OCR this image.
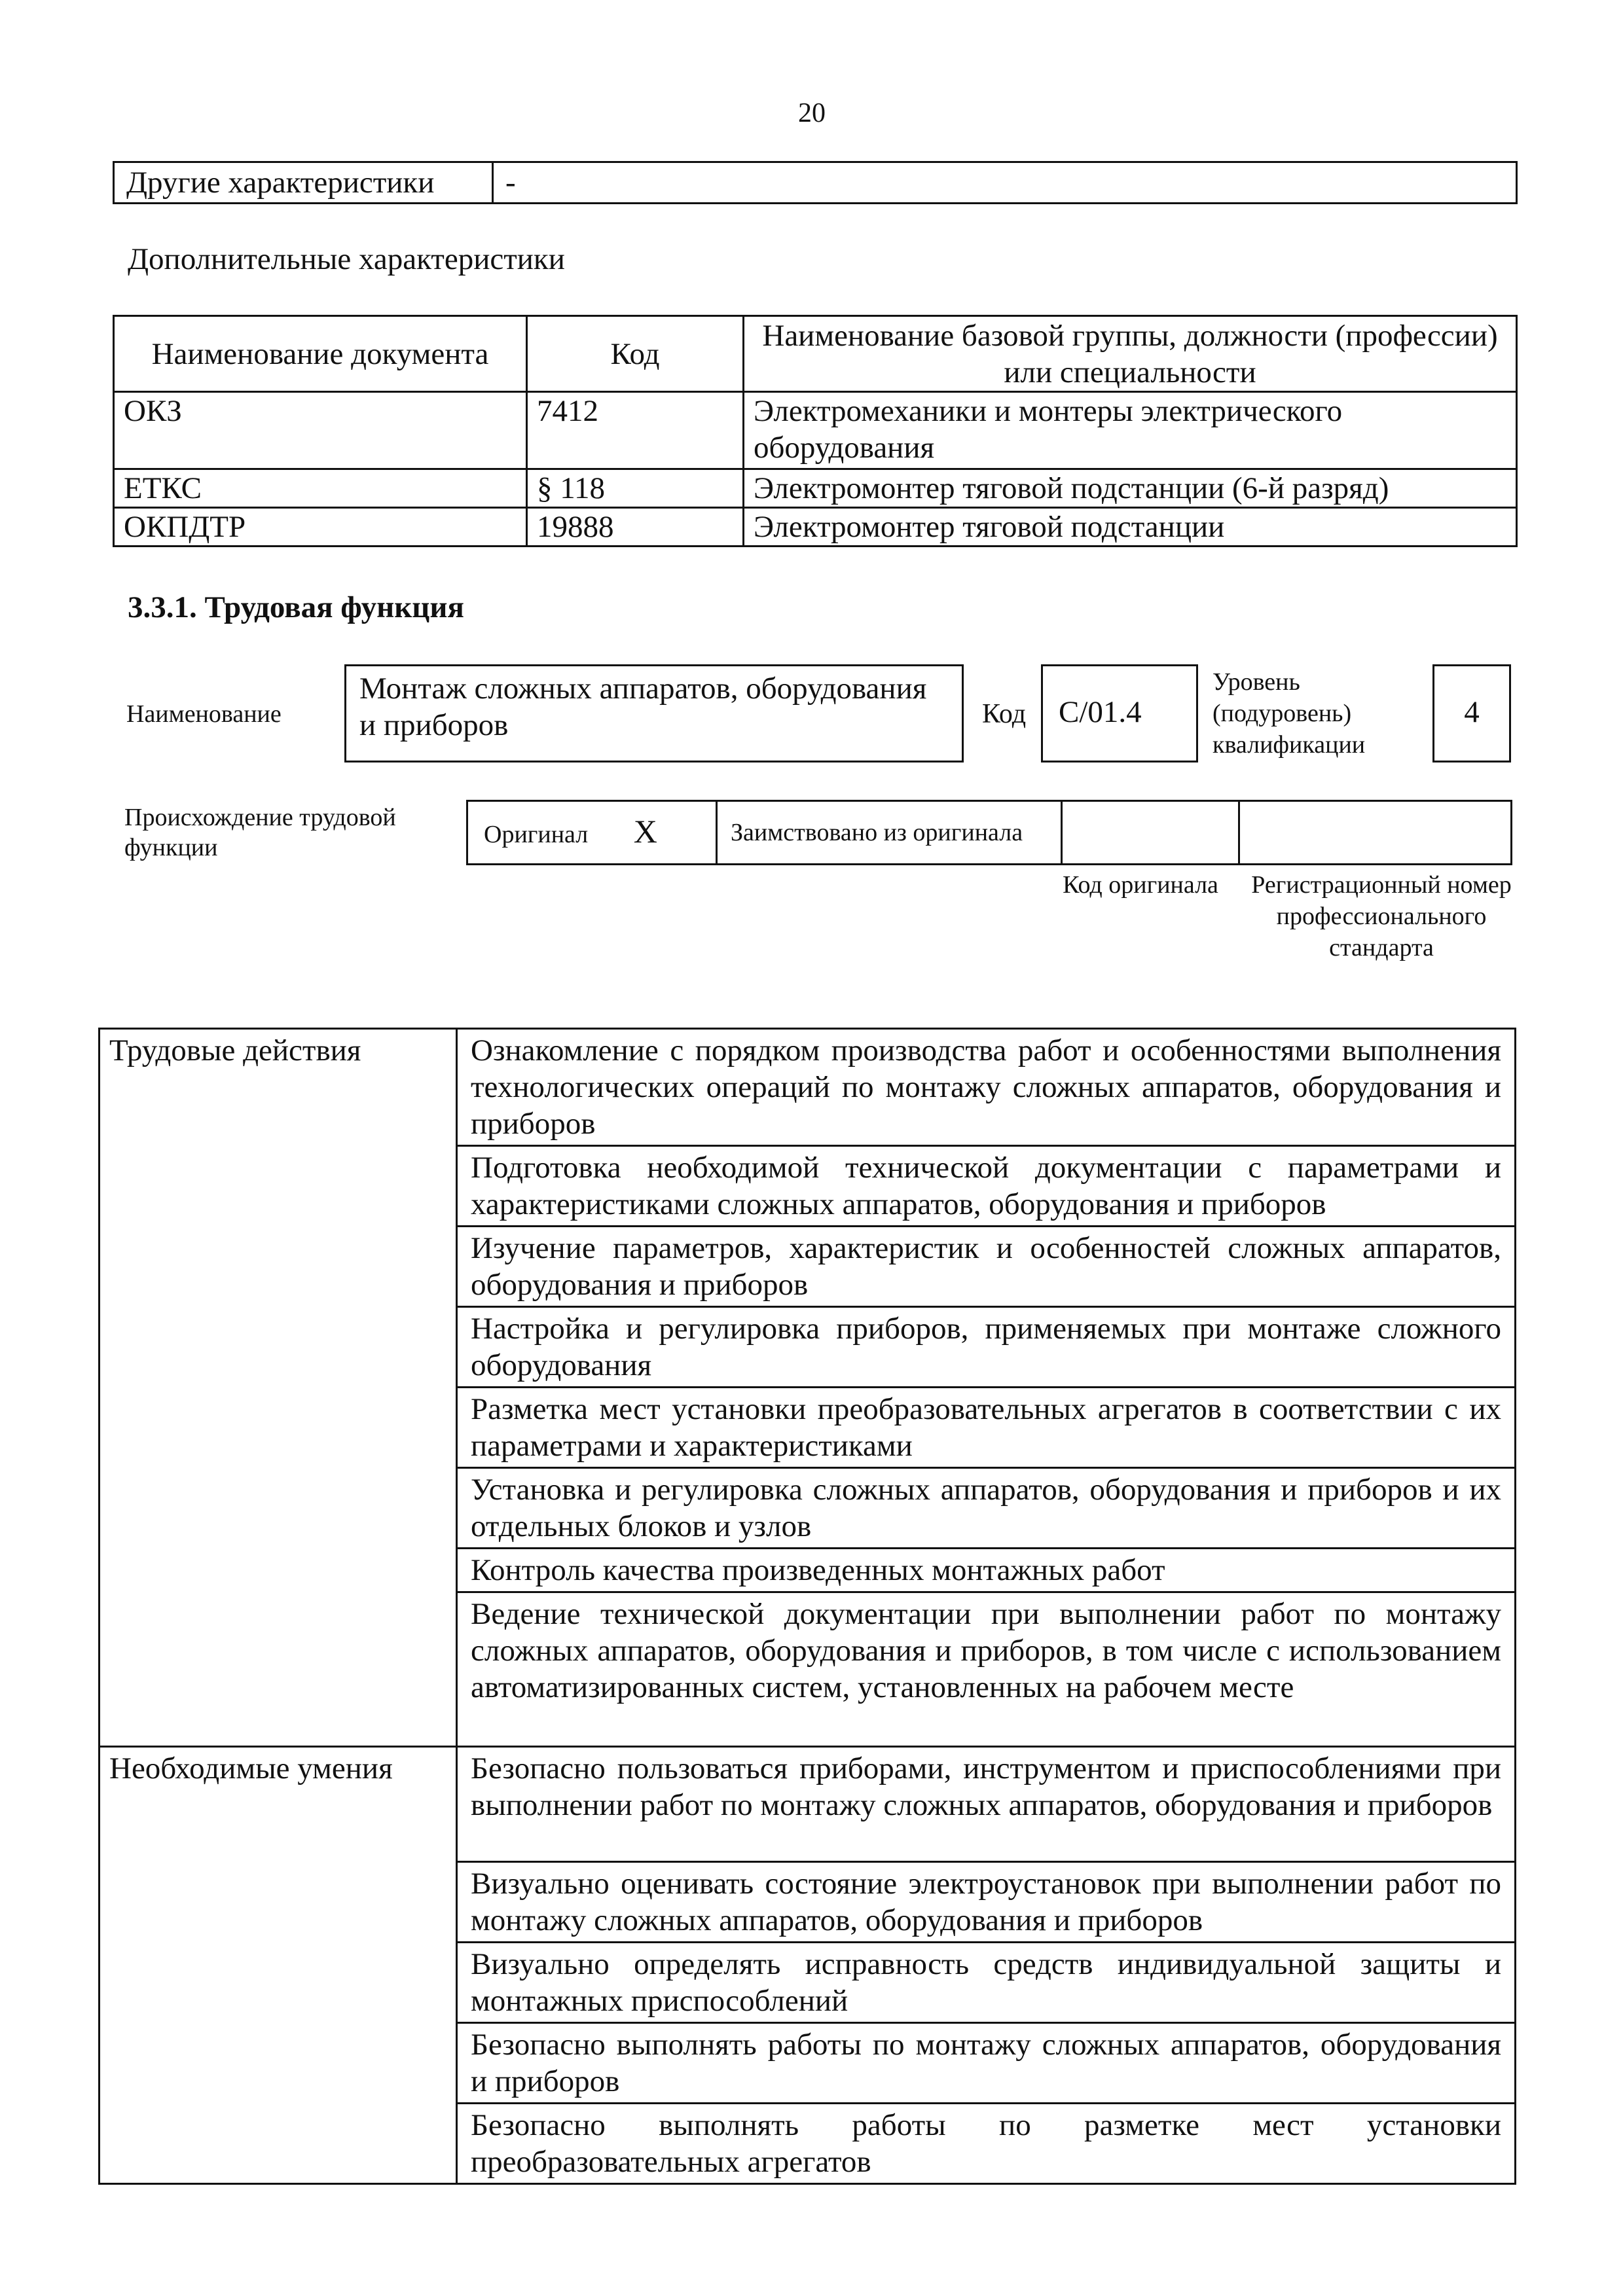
20
Другие характеристики	-
Дополнительные характеристики
Наименование документа	Код	Наименование базовой группы, должности (профессии) или специальности
ОКЗ	7412	Электромеханики и монтеры электрического оборудования
ЕТКС	§ 118	Электромонтер тяговой подстанции (6-й разряд)
ОКПДТР	19888	Электромонтер тяговой подстанции
3.3.1. Трудовая функция
Наименование
Монтаж сложных аппаратов, оборудования и приборов	Код	C/01.4
Уровень (подуровень) квалификации
4
Происхождение трудовой функции	Оригинал X	Заимствовано из оригинала		
Код оригинала Регистрационный номер профессионального стандарта
Трудовые действия	Ознакомление с порядком производства работ и особенностями выполнения технологических операций по монтажу сложных аппаратов, оборудования и приборов
	Подготовка необходимой технической документации с параметрами и характеристиками сложных аппаратов, оборудования и приборов
	Изучение параметров, характеристик и особенностей сложных аппаратов, оборудования и приборов
	Настройка и регулировка приборов, применяемых при монтаже сложного оборудования
	Разметка мест установки преобразовательных агрегатов в соответствии с их параметрами и характеристиками
	Установка и регулировка сложных аппаратов, оборудования и приборов и их отдельных блоков и узлов
	Контроль качества произведенных монтажных работ
	Ведение технической документации при выполнении работ по монтажу сложных аппаратов, оборудования и приборов, в том числе с использованием автоматизированных систем, установленных на рабочем месте
Необходимые умения	Безопасно пользоваться приборами, инструментом и приспособлениями при выполнении работ по монтажу сложных аппаратов, оборудования и приборов
	Визуально оценивать состояние электроустановок при выполнении работ по монтажу сложных аппаратов, оборудования и приборов
	Визуально определять исправность средств индивидуальной защиты и монтажных приспособлений
	Безопасно выполнять работы по монтажу сложных аппаратов, оборудования и приборов
	Безопасно выполнять работы по разметке мест установки преобразовательных агрегатов
